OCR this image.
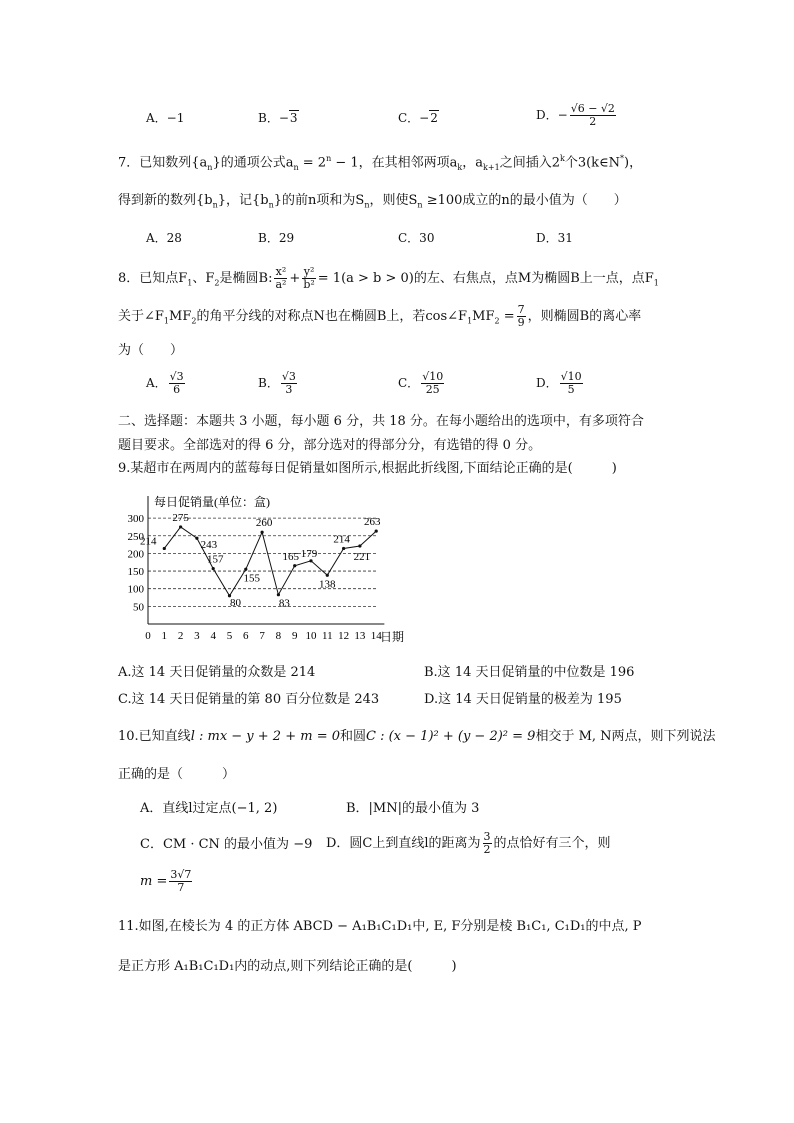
A．−1	B．−3	C．−2	D．− $\frac{√6 - √2}{2}$
7．已知数列$\{a_n\}$的通项公式$a_n = 2^n - 1$，在其相邻两项$a_k$，$a_{k+1}$之间插入2$^k$个3(k∈N*)，
得到新的数列$\{b_n\}$，记$\{b_n\}$的前n项和为$S_n$，则使$S_n \ge 100$成立的n的最小值为（　　）
A．28	B．29	C．30	D．31
8．已知点$F_1$、$F_2$是椭圆B: $\frac{\text{x²}}{\text{a²}} + \frac{\text{y²}}{\text{b²}} = 1(a > b > 0)$的左、右焦点，点M为椭圆B上一点，点$F_1$
关于$\angle F_1MF_2$的角平分线的对称点N也在椭圆B上，若$\cos\angle F_1MF_2 = \frac{7}{9}$ ，则椭圆B的离心率
为（　　）
A． $\frac{√3}{6}$	B． $\frac{√3}{3}$	C． $\frac{√10}{25}$	D． $\frac{√10}{5}$
二、选择题：本题共 3 小题，每小题 6 分，共 18 分。在每小题给出的选项中，有多项符合
题目要求。全部选对的得 6 分，部分选对的得部分分，有选错的得 0 分。
9.某超市在两周内的蓝莓每日促销量如图所示,根据此折线图,下面结论正确的是(　　　)
50
100
150
200
250
300
0 1 2 3 4 5 6 7 8 9 10 11 12 13 14
214
275
243
157
80
155
260
83
165 179
138
214
221
263
每日促销量(单位：盒)
日期
A.这 14 天日促销量的众数是 214	B.这 14 天日促销量的中位数是 196
C.这 14 天日促销量的第 80 百分位数是 243	D.这 14 天日促销量的极差为 195
10.已知直线l : mx − y + 2 + m = 0和圆C : (x − 1)² + (y − 2)² = 9相交于 M, N两点，则下列说法
正确的是（　　　）
A．直线l过定点(−1, 2)	B．|MN|的最小值为 3
C．CM · CN 的最小值为 −9 D．圆C上到直线l的距离为 $\frac{3}{2}$ 的点恰好有三个，则
$m = \frac{3√7}{7}$
11.如图,在棱长为 4 的正方体 ABCD − A₁B₁C₁D₁中, E, F分别是棱 B₁C₁, C₁D₁的中点, P
是正方形 A₁B₁C₁D₁内的动点,则下列结论正确的是(　　　)
